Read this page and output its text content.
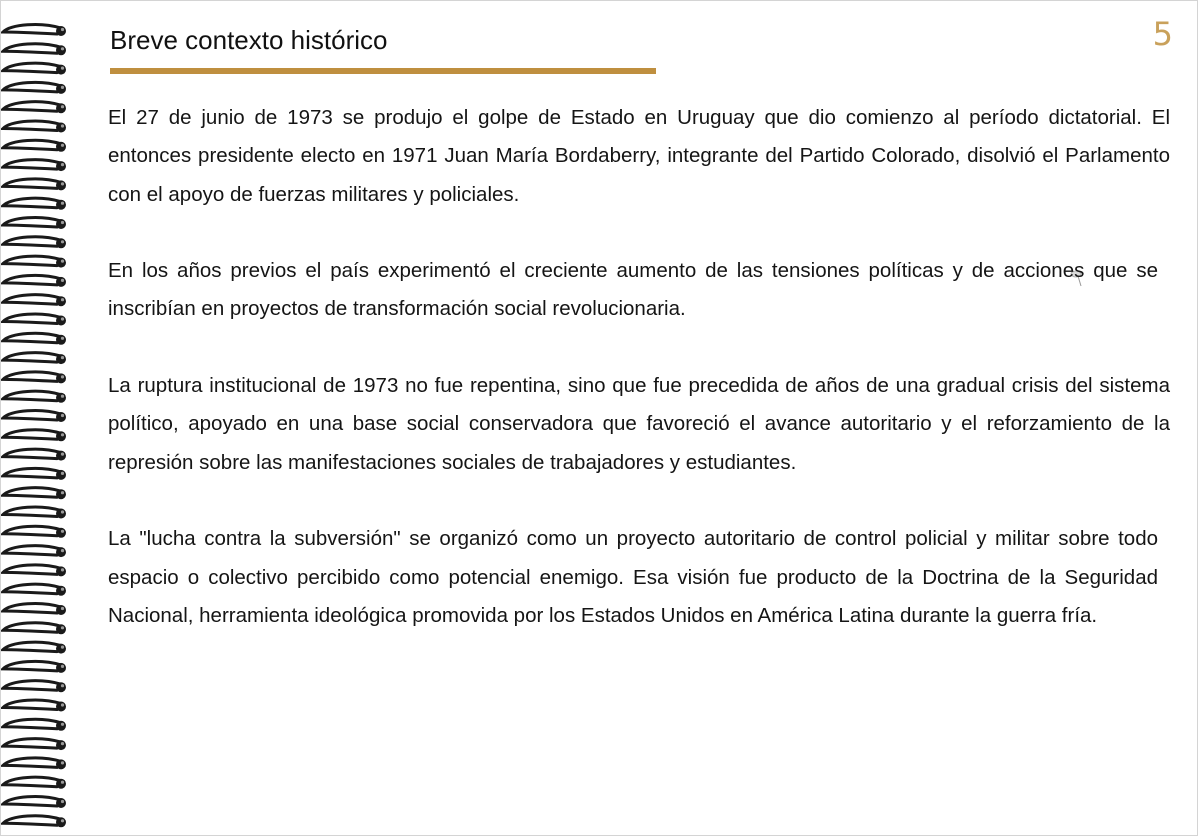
Breve contexto histórico	5

El 27 de junio de 1973 se produjo el golpe de Estado en Uruguay que dio comienzo al período dictatorial. El entonces presidente electo en 1971 Juan María Bordaberry, integrante del Partido Colorado, disolvió el Parlamento con el apoyo de fuerzas militares y policiales.

En los años previos el país experimentó el creciente aumento de las tensiones políticas y de acciones que se inscribían en proyectos de transformación social revolucionaria.

La ruptura institucional de 1973 no fue repentina, sino que fue precedida de años de una gradual crisis del sistema político, apoyado en una base social conservadora que favoreció el avance autoritario y el reforzamiento de la represión sobre las manifestaciones sociales de trabajadores y estudiantes.

La "lucha contra la subversión" se organizó como un proyecto autoritario de control policial y militar sobre todo espacio o colectivo percibido como potencial enemigo. Esa visión fue producto de la Doctrina de la Seguridad Nacional, herramienta ideológica promovida por los Estados Unidos en América Latina durante la guerra fría.
